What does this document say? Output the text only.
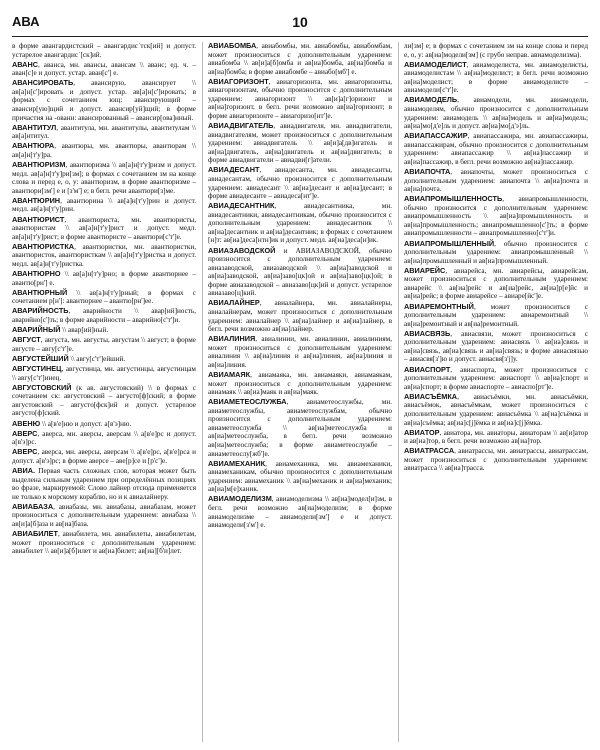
АВА	10

в форме авангардистский – авангардисˈтск[ий] и допуст. устарелое авангардисˈ[ск]ий.

АВАНС, аванса, мн. авансы, авансам \\ аванс; ед. ч. – аван[с]е и допуст. устар. аван[с'] е.

АВАНСИРОВАТЬ, авансирую, авансирует \\ ав[а]н[с']ировать и допуст. устар. ав[а]н[с']ировать; в формах с сочетанием ющ: авансирующий – авансир[ую]щий и допуст. авансир[уй]щий; в форме причастия на -ованн: авансированный – авансир[ова]нный.

АВАНТИТУЛ, авантитула, мн. авантитулы, авантитулам \\ ав[а]нтитул.

АВАНТЮРА, авантюры, мн. авантюры, авантюрам \\ ав[а]н[т'у]ра.

АВАНТЮРИЗМ, авантюризма \\ ав[а]н[т'у]ризм и допуст. медл. ав[а]н[т'у]ри[зм]; в формах с сочетанием зм на конце слова и перед е, о, у: авантюризм, в форме авантюризме – авантюри[зм'] е и [з'м'] е; в бегл. речи авантюри[з]ме.

АВАНТЮРИН, авантюрина \\ ав[а]н[т'у]рин и допуст. медл. ав[а]н[т'у]рин.

АВАНТЮРИСТ, авантюриста, мн. авантюристы, авантюристам \\ ав[а]н[т'у]рист и допуст. медл. ав[а]н[т'у]рист; в форме авантюристе – авантюри[с'т']е.

АВАНТЮРИСТКА, авантюристки, мн. авантюристки, авантюристок, авантюристкам \\ ав[а]н[т'у]ристка и допуст. медл. ав[а]н[т'у]ристка.

АВАНТЮРНО \\ ав[а]н[т'у]рно; в форме авантюрнее – авантю[рн'] е.

АВАНТЮРНЫЙ \\ ав[а]н[т'у]рный; в формах с сочетанием р[н']: авантюрнее – авантю[рн']ее.

АВАРИЙНОСТЬ, аварийности \\ авар[ий]ность, аварийно[с']ть; в форме аварийности – аварийно[с'т']и.

АВАРИЙНЫЙ \\ авар[ий]ный.

АВГУСТ, августа, мн. августы, августам \\ август; в форме августе – авгу[с'т']е.

АВГУСТЕЙШИЙ \\ авгу[с'т']ейший.

АВГУСТИНЕЦ, августинца, мн. августинцы, августинцам \\ авгу[с'т']инец.

АВГУСТОВСКИЙ (к ав. августовский) \\ в формах с сочетанием ск: августовский – августо[ф]ский; в форме августовский – августо[фск]ий и допуст. устарелое августо[ф]ский.

АВЕНЮ \\ а[в'е]ню и допуст. а[в'э]ню.

АВЕРС, аверса, мн. аверсы, аверсам \\ а[в'е]рс и допуст. а[в'э]рс.

АВЕРС, аверса, мн. аверсы, аверсам \\ а[в'е]рс, а[в'е]рса и допуст. а[в'э]рс; в форме аверсе – аве[р]се и [р'с']е.

АВИА. Первая часть сложных слов, которая может быть выделена сильным ударением при определённых позициях во фразе, маркируемой: Слово лайнер отсюда применяется не только к морскому кораблю, но и к авиалайнеру.

АВИАБАЗА, авиабазы, мн. авиабазы, авиабазам, может произноситься с дополнительным ударением: авиабаза \\ ав[и]а[б]аза и ав[иа]база.

АВИАБИЛЕТ, авиабилета, мн. авиабилеты, авиабилетам, может произноситься с дополнительным ударением: авиабилет \\ ав[и]а[б]илет и ав[иа]билет; ав[иа][б'и]лет.

АВИАБОМБА, авиабомбы, мн. авиабомбы, авиабомбам, может произноситься с дополнительным ударением: авиабомба \\ ав[и]а[б]омба и ав[иа]бомба, ав[иа]бомба и ав[иа]бомба; в форме авиабомбе – авиабо[мб'] е.

АВИАГОРИЗОНТ, авиагоризонта, мн. авиагоризонты, авиагоризонтам, обычно произносится с дополнительным ударением: авиагоризонт \\ ав[и]а[г]оризонт и ав[иа]горизонт, в бегл. речи возможно ав[иа]горизонт; в форме авиагоризонте – авиагоризо[нт']е.

АВИАДВИГАТЕЛЬ, авиадвигателя, мн. авиадвигатели, авиадвигателям, может произноситься с дополнительным ударением: авиадвигатель \\ ав[и]а[дв]игатель и ав[иа]двигатель, ав[иа]двигатель и ав[иа]двигатель; в форме авиадвигатели – авиадви[г]атели.

АВИАДЕСАНТ, авиадесанта, мн. авиадесанты, авиадесантам, обычно произносится с дополнительным ударением: авиадесант \\ ав[иа]десант и ав[иа]десант; в форме авиадесанте – авиадеса[нт']е.

АВИАДЕСАНТНИК, авиадесантника, мн. авиадесантники, авиадесантникам, обычно произносится с дополнительным ударением: авиадесантник \\ ав[иа]десантник и ав[иа]десантник; в формах с сочетанием [н]т: ав[иа]деса[нтн]ик и допуст. медл. ав[иа]деса[н]ик.

АВИАЗАВОДСКОЙ и АВИАЗАВОДСКОЙ, обычно произносится с дополнительным ударением: авиазаводской, авиазаводской \\ ав[иа]заводской и ав[иа]заводской, ав[иа]заво[цк]ой и ав[иа]заво[цк]ой; в форме авиазаводской – авиазаво[цк]ий и допуст. устарелое авиазаво[ц]кий.

АВИАЛАЙНЕР, авиалайнера, мн. авиалайнеры, авиалайнерам, может произноситься с дополнительным ударением: авиалайнер \\ ав[иа]лайнер и ав[иа]лайнер, в бегл. речи возможно ав[иа]лайнер.

АВИАЛИНИЯ, авиалинии, мн. авиалинии, авиалиниям, может произноситься с дополнительным ударением: авиалиния \\ ав[иа]линия и ав[иа]линия, ав[иа]линия и ав[иа]линия.

АВИАМАЯК, авиамаяка, мн. авиамаяки, авиамаякам, может произноситься с дополнительным ударением: авиамаяк \\ ав[иа]маяк и ав[иа]маяк.

АВИАМЕТЕОСЛУЖБА, авиаметеослужбы, мн. авиаметеослужбы, авиаметеослужбам, обычно произносится с дополнительным ударением: авиаметеослужба \\ ав[иа]метеослужба и ав[иа]метеослужба, в бегл. речи возможно ав[иа]метеослужба; в форме авиаметеослужбе – авиаметеослу[жб']е.

АВИАМЕХАНИК, авиамеханика, мн. авиамеханики, авиамеханикам, обычно произносится с дополнительным ударением: авиамеханик \\ ав[иа]механик и ав[иа]механик; ав[иа]м[е]ханик.

АВИАМОДЕЛИЗМ, авиамоделизма \\ ав[иа]модел[и]зм, в бегл. речи возможно ав[иа]моделизм; в форме авиамоделизме – авиамодели[зм'] е и допуст. авиамодели[з'м'] е.

ли[зм] е; в формах с сочетанием зм на конце слова и перед е, о, у: ав[иа]модели[зм] (с грубо неправ. авиамоделизма).

АВИАМОДЕЛИСТ, авиамоделиста, мн. авиамоделисты, авиамоделистам \\ ав[иа]моделист; в бегл. речи возможно ав[иа]моделист; в форме авиамоделисте – авиамодели[с'т']е.

АВИАМОДЕЛЬ, авиамодели, мн. авиамодели, авиамоделям, обычно произносится с дополнительным ударением: авиамодель \\ ав[иа]модель и ав[иа]модель; ав[иа]мо[д'е]ль и допуст. ав[иа]мо[д'э]ль.

АВИАПАССАЖИР, авиапассажира, мн. авиапассажиры, авиапассажирам, обычно произносится с дополнительным ударением: авиапассажир \\ ав[иа]пассажир и ав[иа]пассажир, в бегл. речи возможно ав[иа]пассажир.

АВИАПОЧТА, авиапочты, может произноситься с дополнительным ударением: авиапочта \\ ав[иа]почта и ав[иа]почта.

АВИАПРОМЫШЛЕННОСТЬ, авиапромышленности, обычно произносится с дополнительным ударением: авиапромышленность \\ ав[иа]промышленность и ав[иа]промышленность; авиапромышленно[с']ть; в форме авиапромышленности – авиапромышленно[с'т']и.

АВИАПРОМЫШЛЕННЫЙ, обычно произносится с дополнительным ударением: авиапромышленный \\ ав[иа]промышленный и ав[иа]промышленный.

АВИАРЕЙС, авиарейса, мн. авиарейсы, авиарейсам, может произноситься с дополнительным ударением: авиарейс \\ ав[иа]рейс и ав[иа]рейс, ав[иа]р[е]йс и ав[иа]рейс; в форме авиарейсе – авиаре[йс']е.

АВИАРЕМОНТНЫЙ, может произноситься с дополнительным ударением: авиаремонтный \\ ав[иа]ремонтный и ав[иа]ремонтный.

АВИАСВЯЗЬ, авиасвязи, может произноситься с дополнительным ударением: авиасвязь \\ ав[иа]связь и ав[иа]связь, ав[иа]связь и ав[иа]связь; в форме авиасвязью – авиасвя[з']ю и допуст. авиасвя[з'j]у.

АВИАСПОРТ, авиаспорта, может произноситься с дополнительным ударением: авиаспорт \\ ав[иа]спорт и ав[иа]спорт; в форме авиаспорте – авиаспо[рт']е.

АВИАСЪЁМКА, авиасъёмки, мн. авиасъёмки, авиасъёмок, авиасъёмкам, может произноситься с дополнительным ударением: авиасъёмка \\ ав[иа]съёмка и ав[иа]съёмка; ав[иа]с[j]ёмка и ав[иа]с[j]ёмка.

АВИАТОР, авиатора, мн. авиаторы, авиаторам \\ ав[и]атор и ав[иа]тор, в бегл. речи возможно ав[иа]тор.

АВИАТРАССА, авиатрассы, мн. авиатрассы, авиатрассам, может произноситься с дополнительным ударением: авиатрасса \\ ав[иа]трасса.
